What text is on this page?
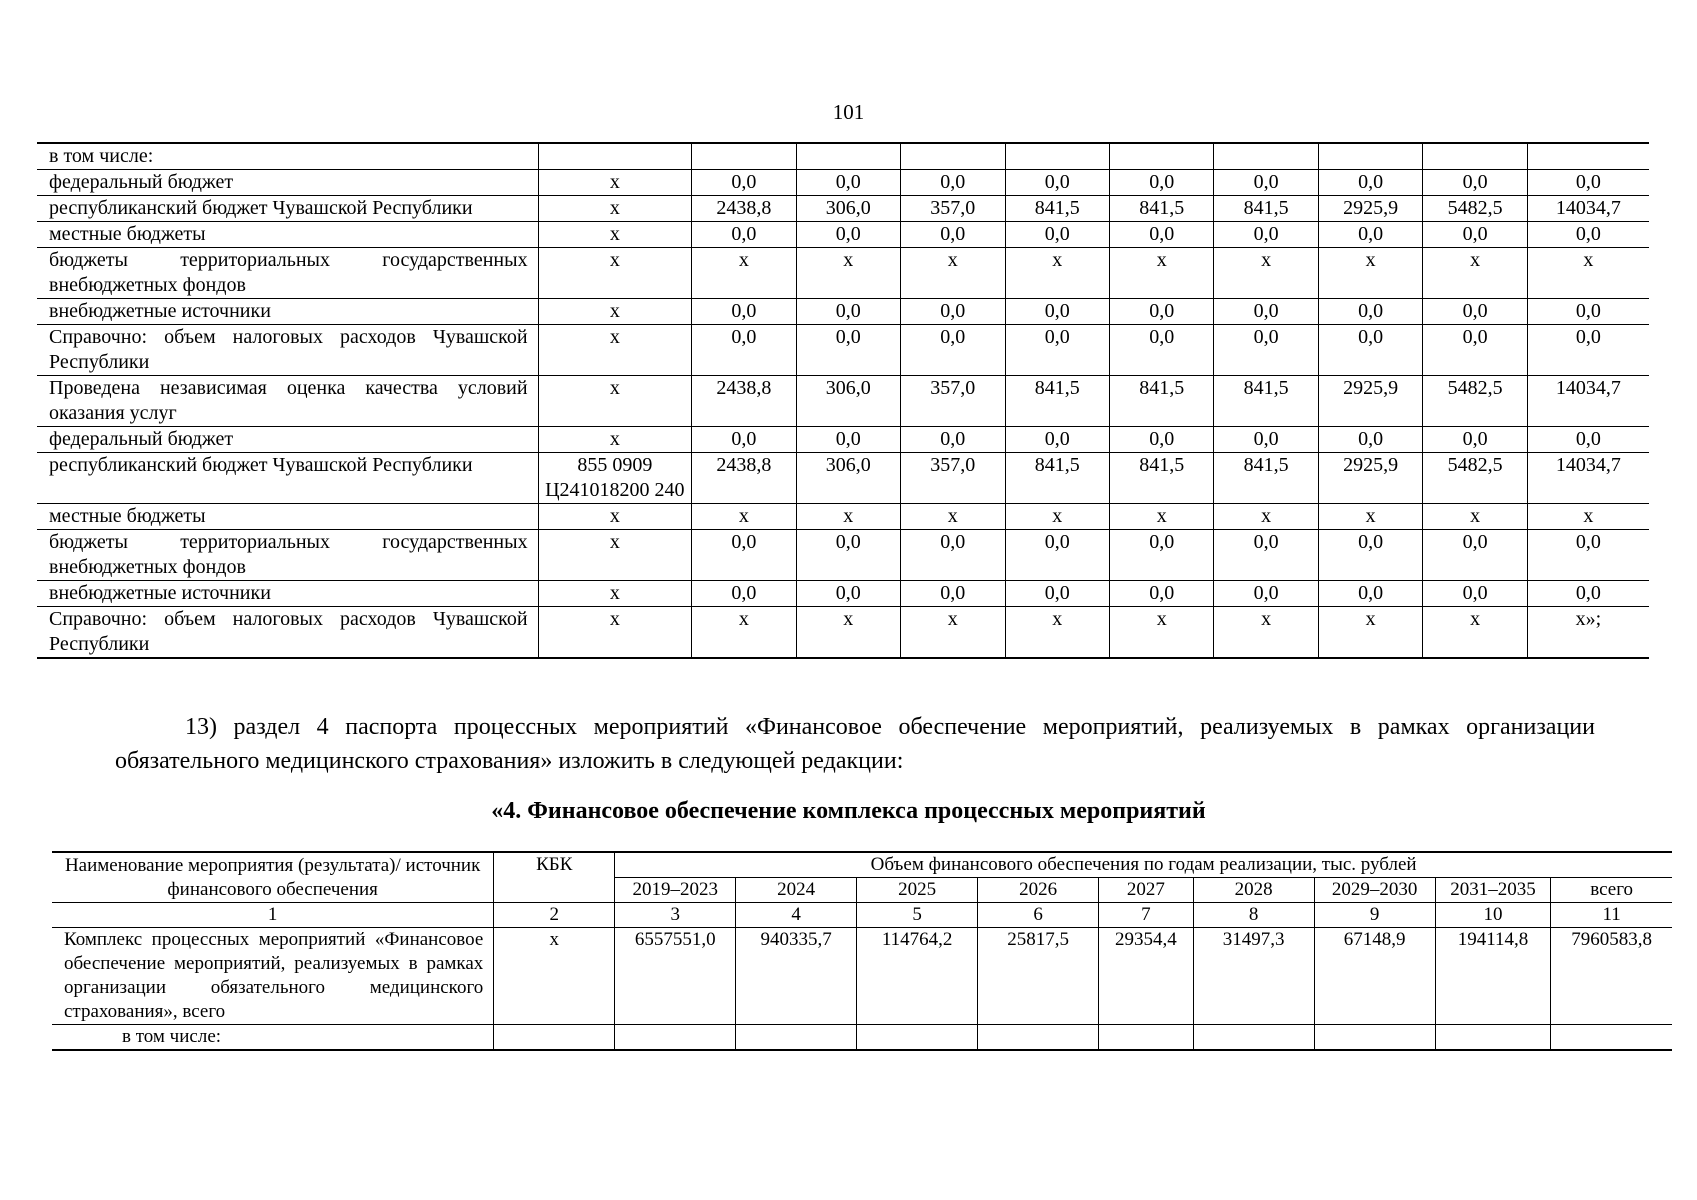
101
в том числе:										
федеральный бюджет	х	0,0	0,0	0,0	0,0	0,0	0,0	0,0	0,0	0,0
республиканский бюджет Чувашской Республики	х	2438,8	306,0	357,0	841,5	841,5	841,5	2925,9	5482,5	14034,7
местные бюджеты	х	0,0	0,0	0,0	0,0	0,0	0,0	0,0	0,0	0,0
бюджеты территориальных государственных внебюджетных фондов	х	х	х	х	х	х	х	х	х	х
внебюджетные источники	х	0,0	0,0	0,0	0,0	0,0	0,0	0,0	0,0	0,0
Справочно: объем налоговых расходов Чувашской Республики	х	0,0	0,0	0,0	0,0	0,0	0,0	0,0	0,0	0,0
Проведена независимая оценка качества условий оказания услуг	х	2438,8	306,0	357,0	841,5	841,5	841,5	2925,9	5482,5	14034,7
федеральный бюджет	х	0,0	0,0	0,0	0,0	0,0	0,0	0,0	0,0	0,0
республиканский бюджет Чувашской Республики	855 0909 Ц241018200 240	2438,8	306,0	357,0	841,5	841,5	841,5	2925,9	5482,5	14034,7
местные бюджеты	х	х	х	х	х	х	х	х	х	х
бюджеты территориальных государственных внебюджетных фондов	х	0,0	0,0	0,0	0,0	0,0	0,0	0,0	0,0	0,0
внебюджетные источники	х	0,0	0,0	0,0	0,0	0,0	0,0	0,0	0,0	0,0
Справочно: объем налоговых расходов Чувашской Республики	х	х	х	х	х	х	х	х	х	х»;

13) раздел 4 паспорта процессных мероприятий «Финансовое обеспечение мероприятий, реализуемых в рамках организации обязательного медицинского страхования» изложить в следующей редакции:

«4. Финансовое обеспечение комплекса процессных мероприятий

Наименование мероприятия (результата)/ источник финансового обеспечения	КБК	Объем финансового обеспечения по годам реализации, тыс. рублей								
		2019–2023	2024	2025	2026	2027	2028	2029–2030	2031–2035	всего
1	2	3	4	5	6	7	8	9	10	11
Комплекс процессных мероприятий «Финансовое обеспечение мероприятий, реализуемых в рамках организации обязательного медицинского страхования», всего	х	6557551,0	940335,7	114764,2	25817,5	29354,4	31497,3	67148,9	194114,8	7960583,8
в том числе:										
